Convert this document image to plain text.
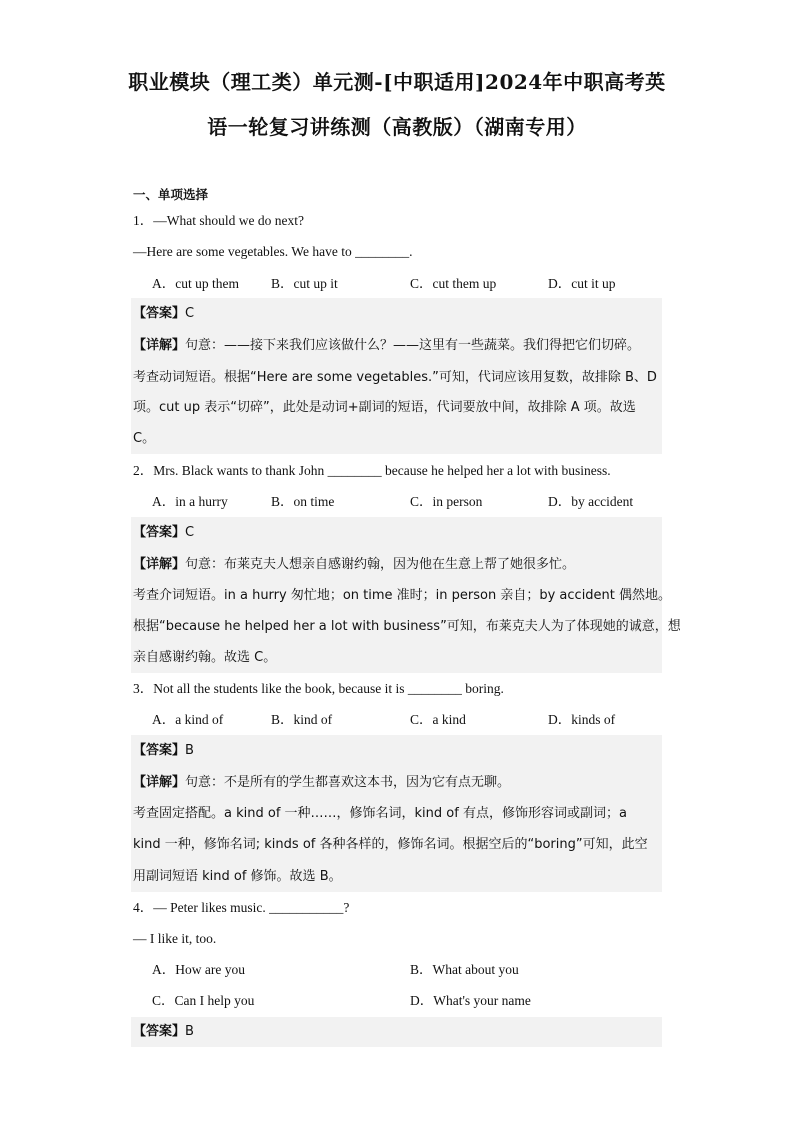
职业模块（理工类）单元测-[中职适用]2024年中职高考英
语一轮复习讲练测（高教版）（湖南专用）
一、单项选择
1．—What should we do next?
—Here are some vegetables. We have to ________.
A．cut up them B．cut up it	C．cut them up	D．cut it up
【答案】C
【详解】句意：——接下来我们应该做什么？——这里有一些蔬菜。我们得把它们切碎。
考查动词短语。根据“Here are some vegetables.”可知，代词应该用复数，故排除 B、D
项。cut up 表示“切碎”，此处是动词+副词的短语，代词要放中间，故排除 A 项。故选
C。
2．Mrs. Black wants to thank John ________ because he helped her a lot with business.
A．in a hurry	B．on time	C．in person	D．by accident
【答案】C
【详解】句意：布莱克夫人想亲自感谢约翰，因为他在生意上帮了她很多忙。
考查介词短语。in a hurry 匆忙地；on time 准时；in person 亲自；by accident 偶然地。
根据“because he helped her a lot with business”可知，布莱克夫人为了体现她的诚意，想
亲自感谢约翰。故选 C。
3．Not all the students like the book, because it is ________ boring.
A．a kind of	B．kind of	C．a kind	D．kinds of
【答案】B
【详解】句意：不是所有的学生都喜欢这本书，因为它有点无聊。
考查固定搭配。a kind of 一种……，修饰名词，kind of 有点，修饰形容词或副词；a
kind 一种，修饰名词; kinds of 各种各样的，修饰名词。根据空后的“boring”可知，此空
用副词短语 kind of 修饰。故选 B。
4．— Peter likes music. ___________?
— I like it, too.
A．How are you	B．What about you
C．Can I help you	D．What's your name
【答案】B
